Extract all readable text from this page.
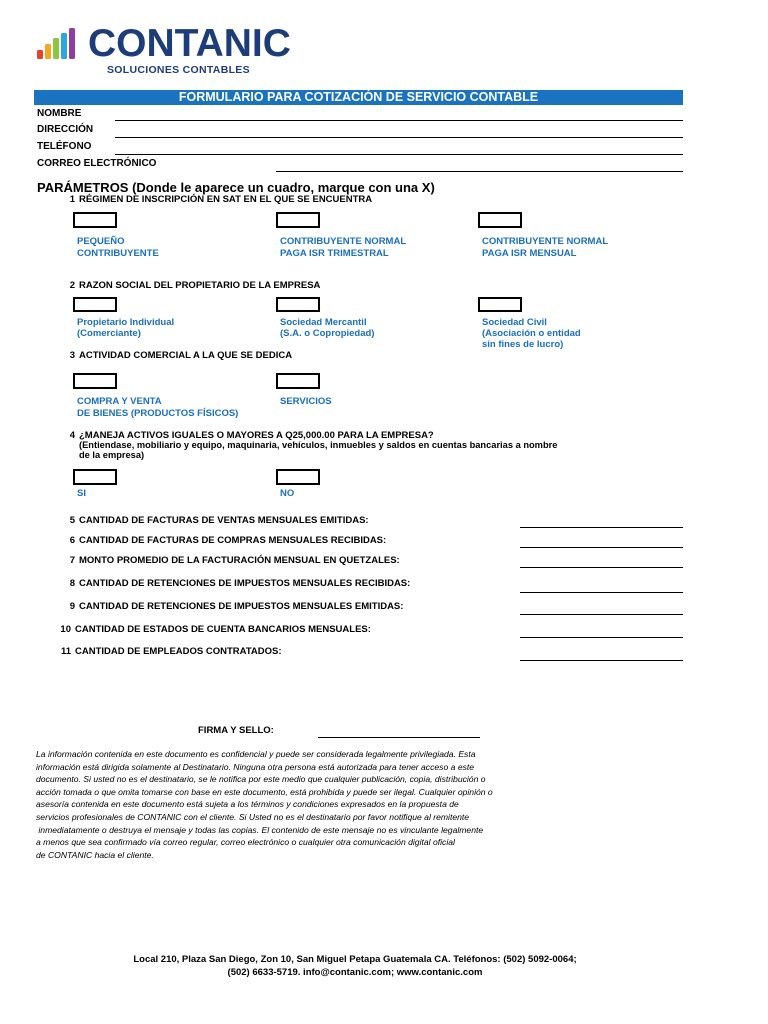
CONTANIC
SOLUCIONES CONTABLES
FORMULARIO PARA COTIZACIÓN DE SERVICIO CONTABLE
NOMBRE
DIRECCIÓN
TELÉFONO
CORREO ELECTRÓNICO
PARÁMETROS (Donde le aparece un cuadro, marque con una X)
1 RÉGIMEN DE INSCRIPCIÓN EN SAT EN EL QUE SE ENCUENTRA
PEQUEÑO
CONTRIBUYENTE
CONTRIBUYENTE NORMAL
PAGA ISR TRIMESTRAL
CONTRIBUYENTE NORMAL
PAGA ISR MENSUAL
2 RAZON SOCIAL DEL PROPIETARIO DE LA EMPRESA
Propietario Individual
(Comerciante)
Sociedad Mercantil
(S.A. o Copropiedad)
Sociedad Civil
(Asociación o entidad
sin fines de lucro)
3 ACTIVIDAD COMERCIAL A LA QUE SE DEDICA
COMPRA Y VENTA
DE BIENES (PRODUCTOS FÍSICOS)
SERVICIOS
4 ¿MANEJA ACTIVOS IGUALES O MAYORES A Q25,000.00 PARA LA EMPRESA?
(Entiendase, mobiliario y equipo, maquinaria, vehículos, inmuebles y saldos en cuentas bancarias a nombre
de la empresa)
SI	NO
5 CANTIDAD DE FACTURAS DE VENTAS MENSUALES EMITIDAS:
6 CANTIDAD DE FACTURAS DE COMPRAS MENSUALES RECIBIDAS:
7 MONTO PROMEDIO DE LA FACTURACIÓN MENSUAL EN QUETZALES:
8 CANTIDAD DE RETENCIONES DE IMPUESTOS MENSUALES RECIBIDAS:
9 CANTIDAD DE RETENCIONES DE IMPUESTOS MENSUALES EMITIDAS:
10 CANTIDAD DE ESTADOS DE CUENTA BANCARIOS MENSUALES:
11 CANTIDAD DE EMPLEADOS CONTRATADOS:
FIRMA Y SELLO:
La información contenida en este documento es confidencial y puede ser considerada legalmente privilegiada. Esta
información está dirigida solamente al Destinatario. Ninguna otra persona está autorizada para tener acceso a este
documento. Si usted no es el destinatario, se le notifica por este medio que cualquier publicación, copia, distribución o
acción tomada o que omita tomarse con base en este documento, está prohibida y puede ser ilegal. Cualquier opinión o
asesoría contenida en este documento está sujeta a los términos y condiciones expresados en la propuesta de
servicios profesionales de CONTANIC con el cliente. Si Usted no es el destinatario por favor notifique al remitente
inmediatamente o destruya el mensaje y todas las copias. El contenido de este mensaje no es vinculante legalmente
a menos que sea confirmado vía correo regular, correo electrónico o cualquier otra comunicación digital oficial
de CONTANIC hacia el cliente.
Local 210, Plaza San Diego, Zon 10, San Miguel Petapa Guatemala CA. Teléfonos: (502) 5092-0064;
(502) 6633-5719. info@contanic.com; www.contanic.com
